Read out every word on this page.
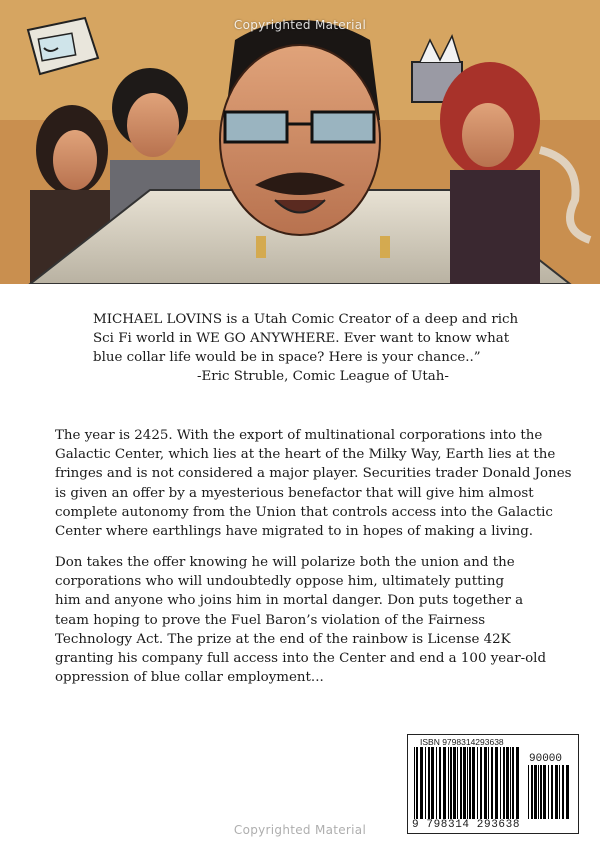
Copyrighted Material
MICHAEL LOVINS is a Utah Comic Creator of a deep and rich
Sci Fi world in WE GO ANYWHERE. Ever want to know what
blue collar life would be in space? Here is your chance..”
-Eric Struble, Comic League of Utah-
The year is 2425. With the export of multinational corporations into the
Galactic Center, which lies at the heart of the Milky Way, Earth lies at the
fringes and is not considered a major player. Securities trader Donald Jones
is given an offer by a myesterious benefactor that will give him almost
complete autonomy from the Union that controls access into the Galactic
Center where earthlings have migrated to in hopes of making a living.
Don takes the offer knowing he will polarize both the union and the
corporations who will undoubtedly oppose him, ultimately putting
him and anyone who joins him in mortal danger. Don puts together a
team hoping to prove the Fuel Baron’s violation of the Fairness
Technology Act. The prize at the end of the rainbow is License 42K
granting his company full access into the Center and end a 100 year-old
oppression of blue collar employment...
ISBN 9798314293638
90000
9 798314 293638
Copyrighted Material
